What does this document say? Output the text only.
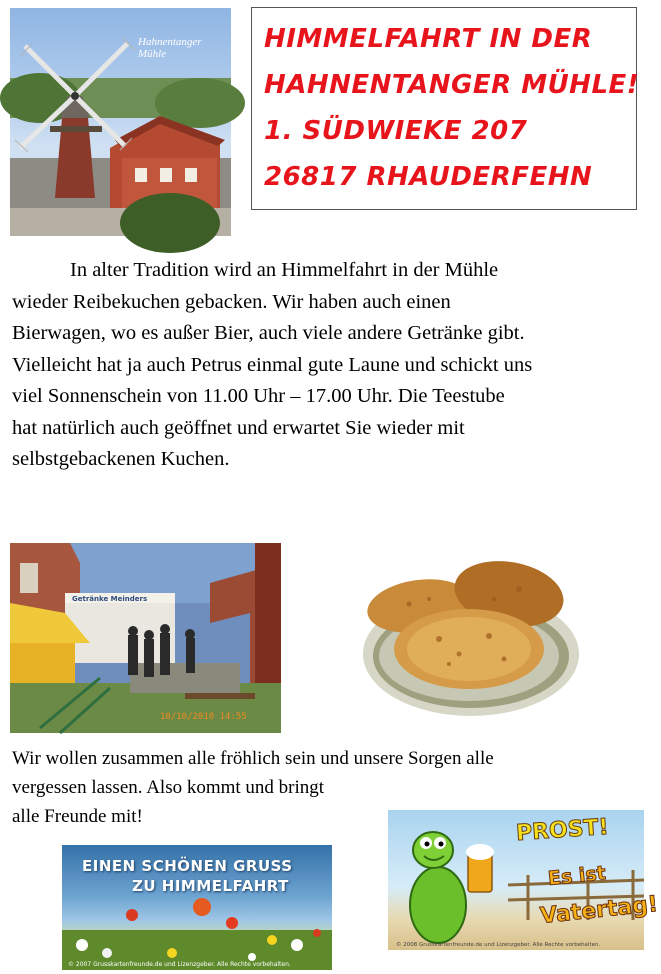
Hahnentanger Mühle	HIMMELFAHRT IN DER
HAHNENTANGER MÜHLE!
1. SÜDWIEKE 207
26817 RHAUDERFEHN

In alter Tradition wird an Himmelfahrt in der Mühle

wieder Reibekuchen gebacken. Wir haben auch einen

Bierwagen, wo es außer Bier, auch viele andere Getränke gibt.

Vielleicht hat ja auch Petrus einmal gute Laune und schickt uns

viel Sonnenschein von 11.00 Uhr – 17.00 Uhr. Die Teestube

hat natürlich auch geöffnet und erwartet Sie wieder mit

selbstgebackenen Kuchen.

Getränke Meinders
10/10/2010 14:55

Wir wollen zusammen alle fröhlich sein und unsere Sorgen alle

vergessen lassen. Also kommt und bringt

alle Freunde mit!

EINEN SCHÖNEN GRUSS
ZU HIMMELFAHRT
© 2007 Grusskartenfreunde.de und Lizenzgeber. Alle Rechte vorbehalten.
PROST!
Es ist
Vatertag!
© 2008 Grusskartenfreunde.de und Lizenzgeber. Alle Rechte vorbehalten.
